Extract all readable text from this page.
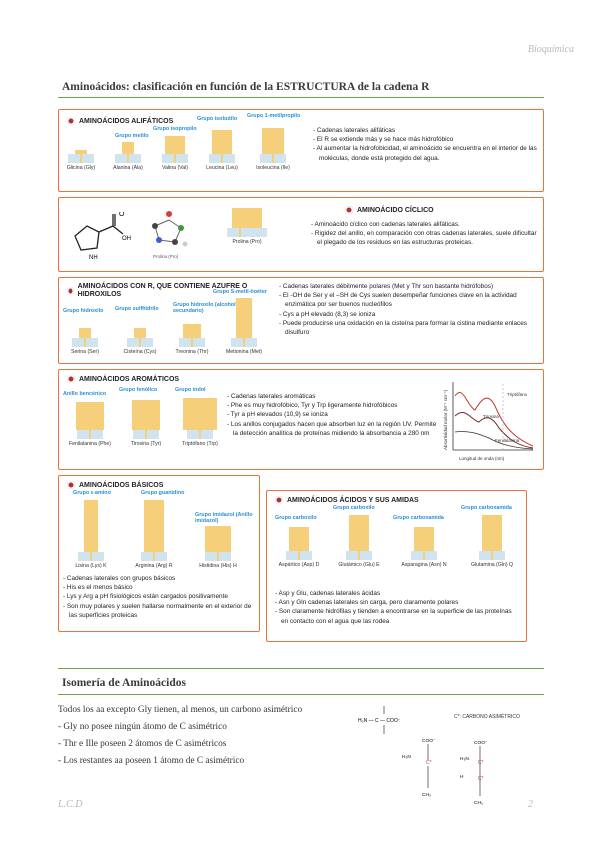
Bioquímica
Aminoácidos: clasificación en función de la ESTRUCTURA de la cadena R
AMINOÁCIDOS ALIFÁTICOS
Grupo metilo
Grupo isopropilo
Grupo isobutilo Grupo 1-metilpropilo
Glicina (Gly)	Alanina (Ala)	Valina (Val)	Leucina (Leu)	Isoleucina (Ile)
- Cadenas laterales alifáticas
- El R se extiende más y se hace más hidrofóbico
- Al aumentar la hidrofobicidad, el aminoácido se encuentra en el interior de las moléculas, donde está protegido del agua.
O
OH
NH	Prolina (Pro)
Prolina (Pro)
AMINOÁCIDO CÍCLICO
- Aminoácido cíclico con cadenas laterales alifáticas.
- Rigidez del anillo, en comparación con otras cadenas laterales, suele dificultar el plegado de los residuos en las estructuras proteicas.
AMINOÁCIDOS CON R, QUE CONTIENE AZUFRE O HIDROXILOS
Grupo hidroxilo Grupo sulfhidrilo
Grupo hidroxilo (alcohol secundario)
Grupo S-metil-tioéter
Serina (Ser)	Cisteína (Cys)	Treonina (Thr)	Metionina (Met)
- Cadenas laterales débilmente polares (Met y Thr son bastante hidrófobos)
- El -OH de Ser y el –SH de Cys suelen desempeñar funciones clave en la actividad enzimática por ser buenos nucleófilos
- Cys a pH elevado (8,3) se ioniza
- Puede producirse una oxidación en la cisteína para formar la cistina mediante enlaces disulfuro
AMINOÁCIDOS AROMÁTICOS
Anillo bencénico
Grupo fenólico	Grupo indol
Fenilalanina (Phe)	Tirosina (Tyr)	Triptófano (Trp)
- Cadenas laterales aromáticas
- Phe es muy hidrofóbico, Tyr y Trp ligeramente hidrofóbicos
- Tyr a pH elevados (10,9) se ioniza
- Los anillos conjugados hacen que absorben luz en la región UV. Permite la detección analítica de proteínas midiendo la absorbancia a 280 nm
Triptófano
Tirosina
Fenilalanina
Absortividad molar (M⁻¹ cm⁻¹)
Longitud de onda (nm)
AMINOÁCIDOS BÁSICOS
Grupo ε-amino	Grupo guanidino
Grupo imidazol (Anillo imidazol)
Lisina (Lys) K	Arginina (Arg) R	Histidina (His) H
- Cadenas laterales con grupos básicos
- His es el menos básico
- Lys y Arg a pH fisiológicos están cargados positivamente
- Son muy polares y suelen hallarse normalmente en el exterior de las superficies proteicas
AMINOÁCIDOS ÁCIDOS Y SUS AMIDAS
Grupo carboxilo
Grupo carboxilo
Grupo carboxamida
Grupo carboxamida
Aspártico (Asp) D	Glutámico (Glu) E	Asparagina (Asn) N	Glutamina (Gln) Q
- Asp y Glu, cadenas laterales ácidas
- Asn y Gln cadenas laterales sin carga, pero claramente polares
- Son claramente hidrófilas y tienden a encontrarse en la superficie de las proteínas en contacto con el agua que las rodea
Isomería de Aminoácidos
Todos los aa excepto Gly tienen, al menos, un carbono asimétrico
- Gly no posee ningún átomo de C asimétrico
- Thr e Ille poseen 2 átomos de C asimétricos
- Los restantes aa poseen 1 átomo de C asimétrico
H₃N — C — COO⁻
C*: CARBONO ASIMÉTRICO
COO⁻
H₃N
C*
CH₃
COO⁻
H₃N
C*
C*
H
CH₃
L.C.D	2
